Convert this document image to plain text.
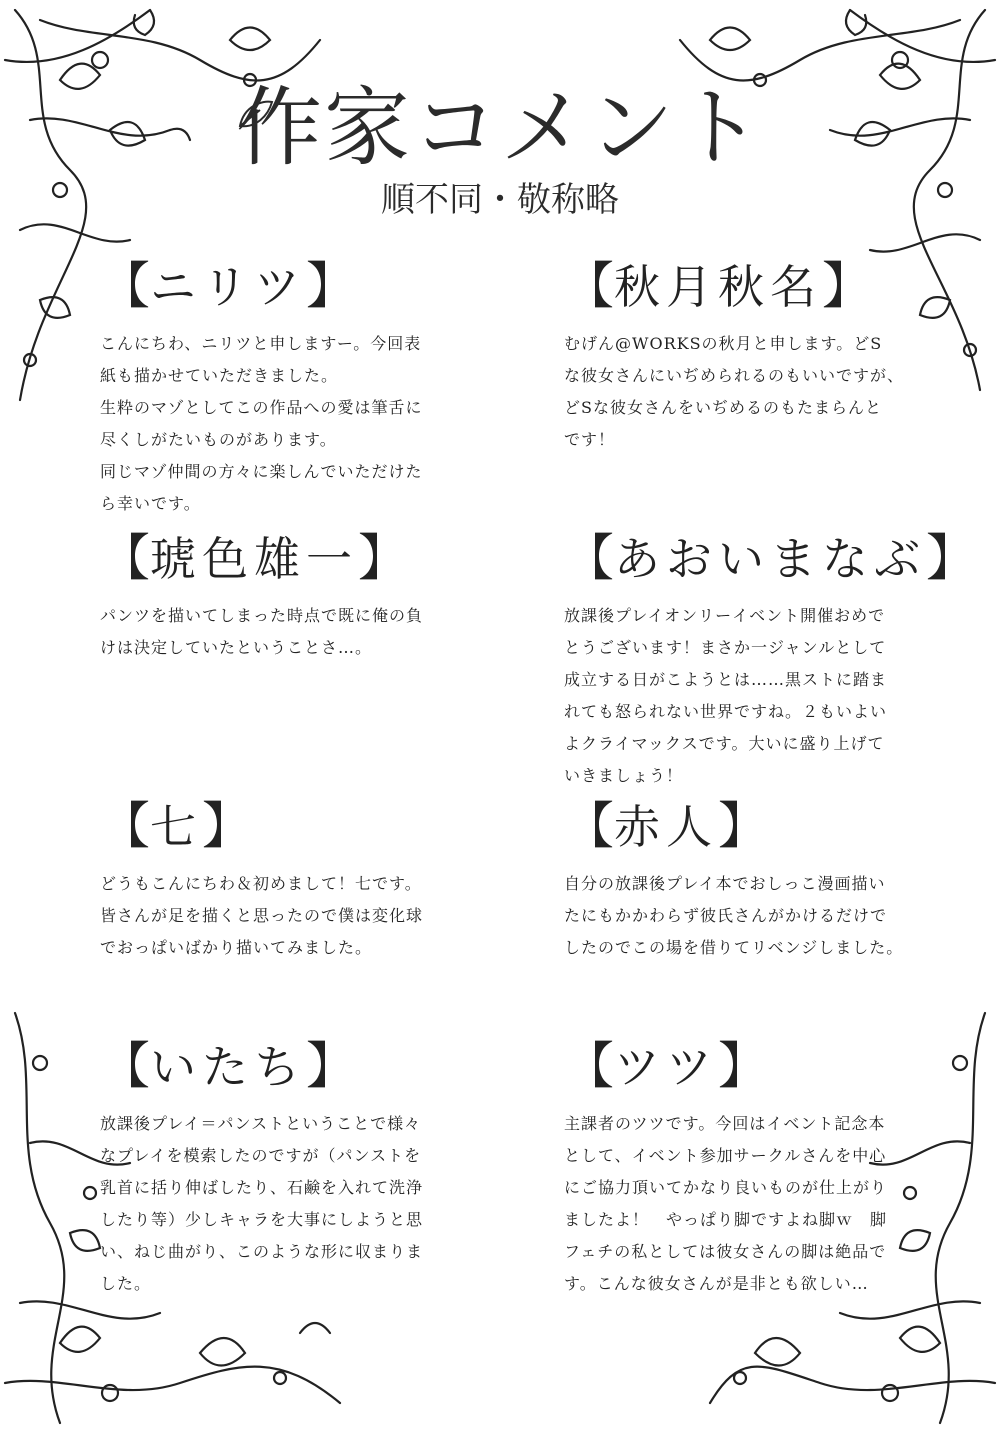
作家コメント
順不同・敬称略
【ニリツ】
こんにちわ、ニリツと申しますー。今回表
紙も描かせていただきました。
生粋のマゾとしてこの作品への愛は筆舌に
尽くしがたいものがあります。
同じマゾ仲間の方々に楽しんでいただけた
ら幸いです。
【秋月秋名】
むげん@WORKSの秋月と申します。どS
な彼女さんにいぢめられるのもいいですが、
どSな彼女さんをいぢめるのもたまらんと
です！
【琥色雄一】
パンツを描いてしまった時点で既に俺の負
けは決定していたということさ…。
【あおいまなぶ】
放課後プレイオンリーイベント開催おめで
とうございます！まさか一ジャンルとして
成立する日がこようとは……黒ストに踏ま
れても怒られない世界ですね。２もいよい
よクライマックスです。大いに盛り上げて
いきましょう！
【七】
どうもこんにちわ＆初めまして！七です。
皆さんが足を描くと思ったので僕は変化球
でおっぱいばかり描いてみました。
【赤人】
自分の放課後プレイ本でおしっこ漫画描い
たにもかかわらず彼氏さんがかけるだけで
したのでこの場を借りてリベンジしました。
【いたち】
放課後プレイ＝パンストということで様々
なプレイを模索したのですが（パンストを
乳首に括り伸ばしたり、石鹸を入れて洗浄
したり等）少しキャラを大事にしようと思
い、ねじ曲がり、このような形に収まりま
した。
【ツツ】
主課者のツツです。今回はイベント記念本
として、イベント参加サークルさんを中心
にご協力頂いてかなり良いものが仕上がり
ましたよ！　やっぱり脚ですよね脚ｗ　脚
フェチの私としては彼女さんの脚は絶品で
す。こんな彼女さんが是非とも欲しい…
